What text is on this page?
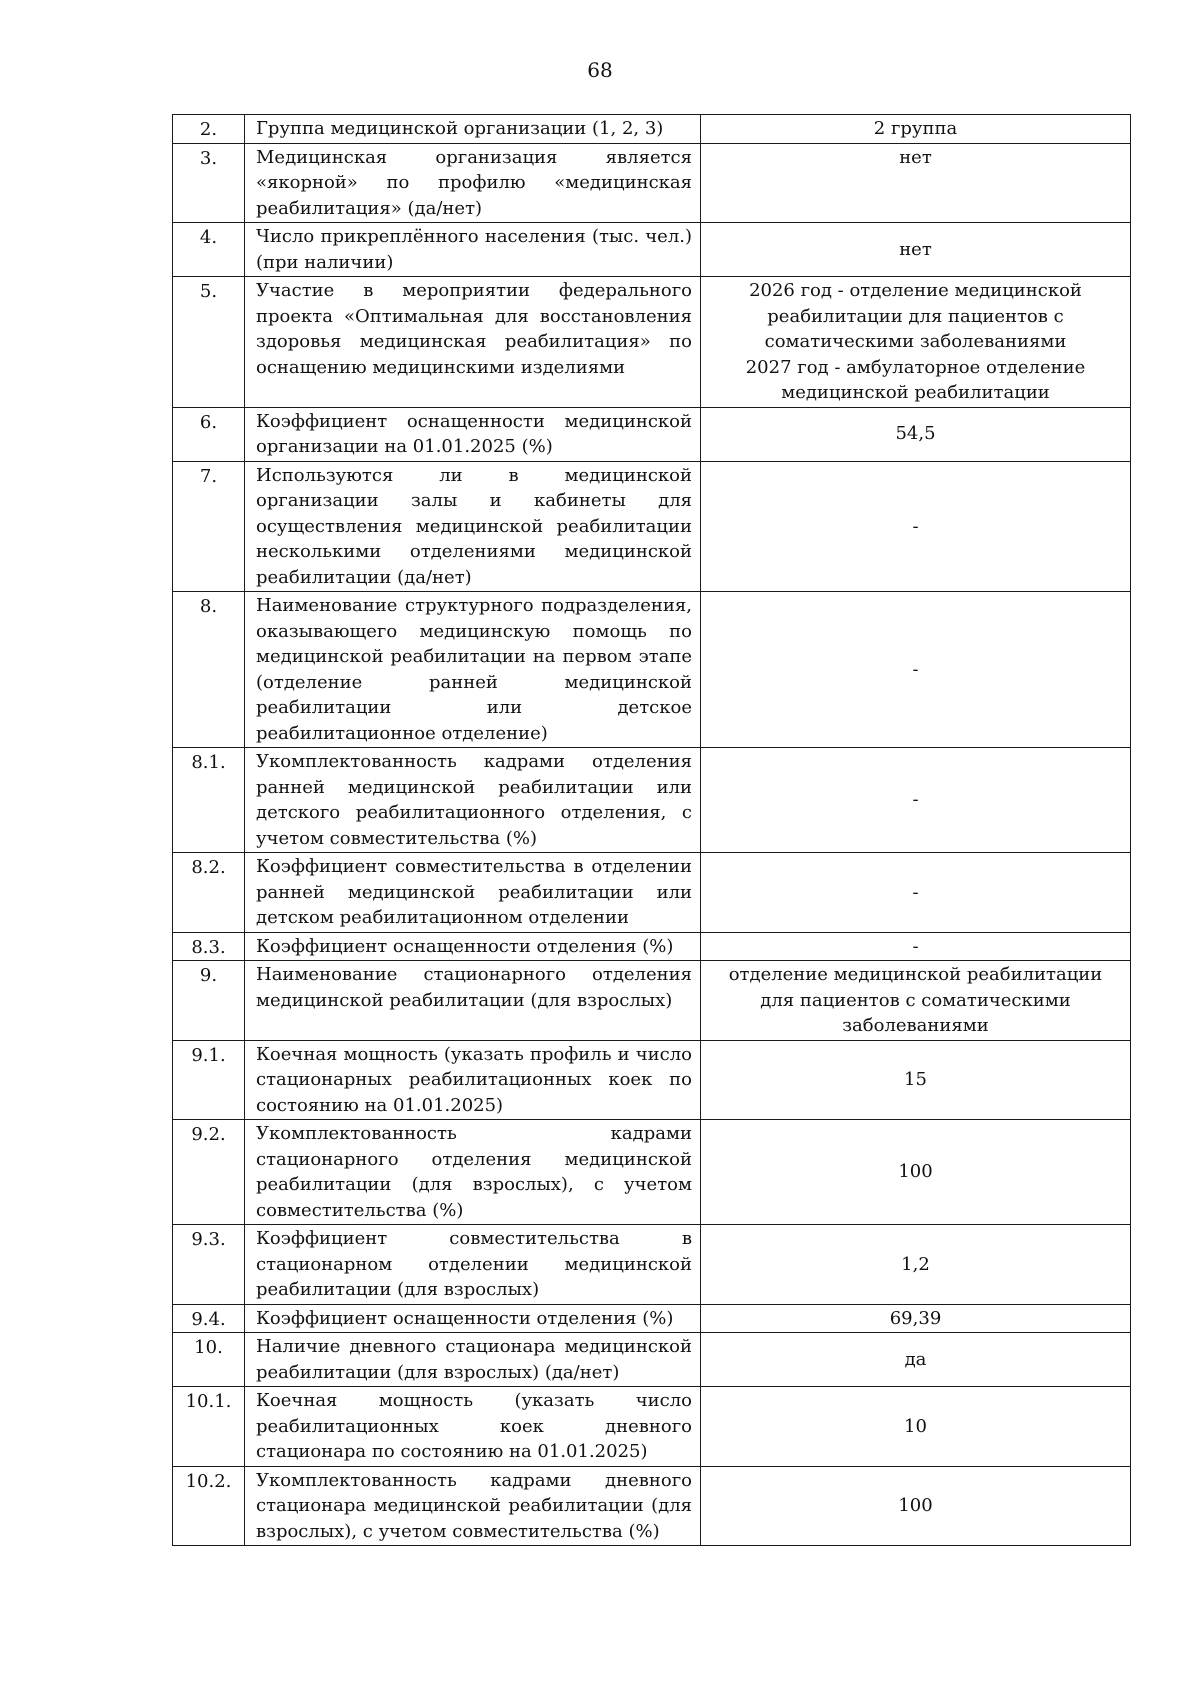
68
2.	Группа медицинской организации (1, 2, 3)	2 группа

3.	Медицинская организация является «якорной» по профилю «медицинская реабилитация» (да/нет)	нет

4.	Число прикреплённого населения (тыс. чел.) (при наличии)	нет

5.	Участие в мероприятии федерального проекта «Оптимальная для восстановления здоровья медицинская реабилитация» по оснащению медицинскими изделиями	2026 год - отделение медицинской реабилитации для пациентов с соматическими заболеваниями
2027 год - амбулаторное отделение медицинской реабилитации

6.	Коэффициент оснащенности медицинской организации на 01.01.2025 (%)	54,5

7.	Используются ли в медицинской организации залы и кабинеты для осуществления медицинской реабилитации несколькими отделениями медицинской реабилитации (да/нет)	-

8.	Наименование структурного подразделения, оказывающего медицинскую помощь по медицинской реабилитации на первом этапе (отделение ранней медицинской реабилитации или детское реабилитационное отделение)	-

8.1.	Укомплектованность кадрами отделения ранней медицинской реабилитации или детского реабилитационного отделения, с учетом совместительства (%)	-

8.2.	Коэффициент совместительства в отделении ранней медицинской реабилитации или детском реабилитационном отделении	-

8.3.	Коэффициент оснащенности отделения (%)	-

9.	Наименование стационарного отделения медицинской реабилитации (для взрослых)	отделение медицинской реабилитации для пациентов с соматическими заболеваниями

9.1.	Коечная мощность (указать профиль и число стационарных реабилитационных коек по состоянию на 01.01.2025)	15

9.2.	Укомплектованность кадрами стационарного отделения медицинской реабилитации (для взрослых), с учетом совместительства (%)	100

9.3.	Коэффициент совместительства в стационарном отделении медицинской реабилитации (для взрослых)	1,2

9.4.	Коэффициент оснащенности отделения (%)	69,39

10.	Наличие дневного стационара медицинской реабилитации (для взрослых) (да/нет)	да

10.1.	Коечная мощность (указать число реабилитационных коек дневного стационара по состоянию на 01.01.2025)	10

10.2.	Укомплектованность кадрами дневного стационара медицинской реабилитации (для взрослых), с учетом совместительства (%)	100
